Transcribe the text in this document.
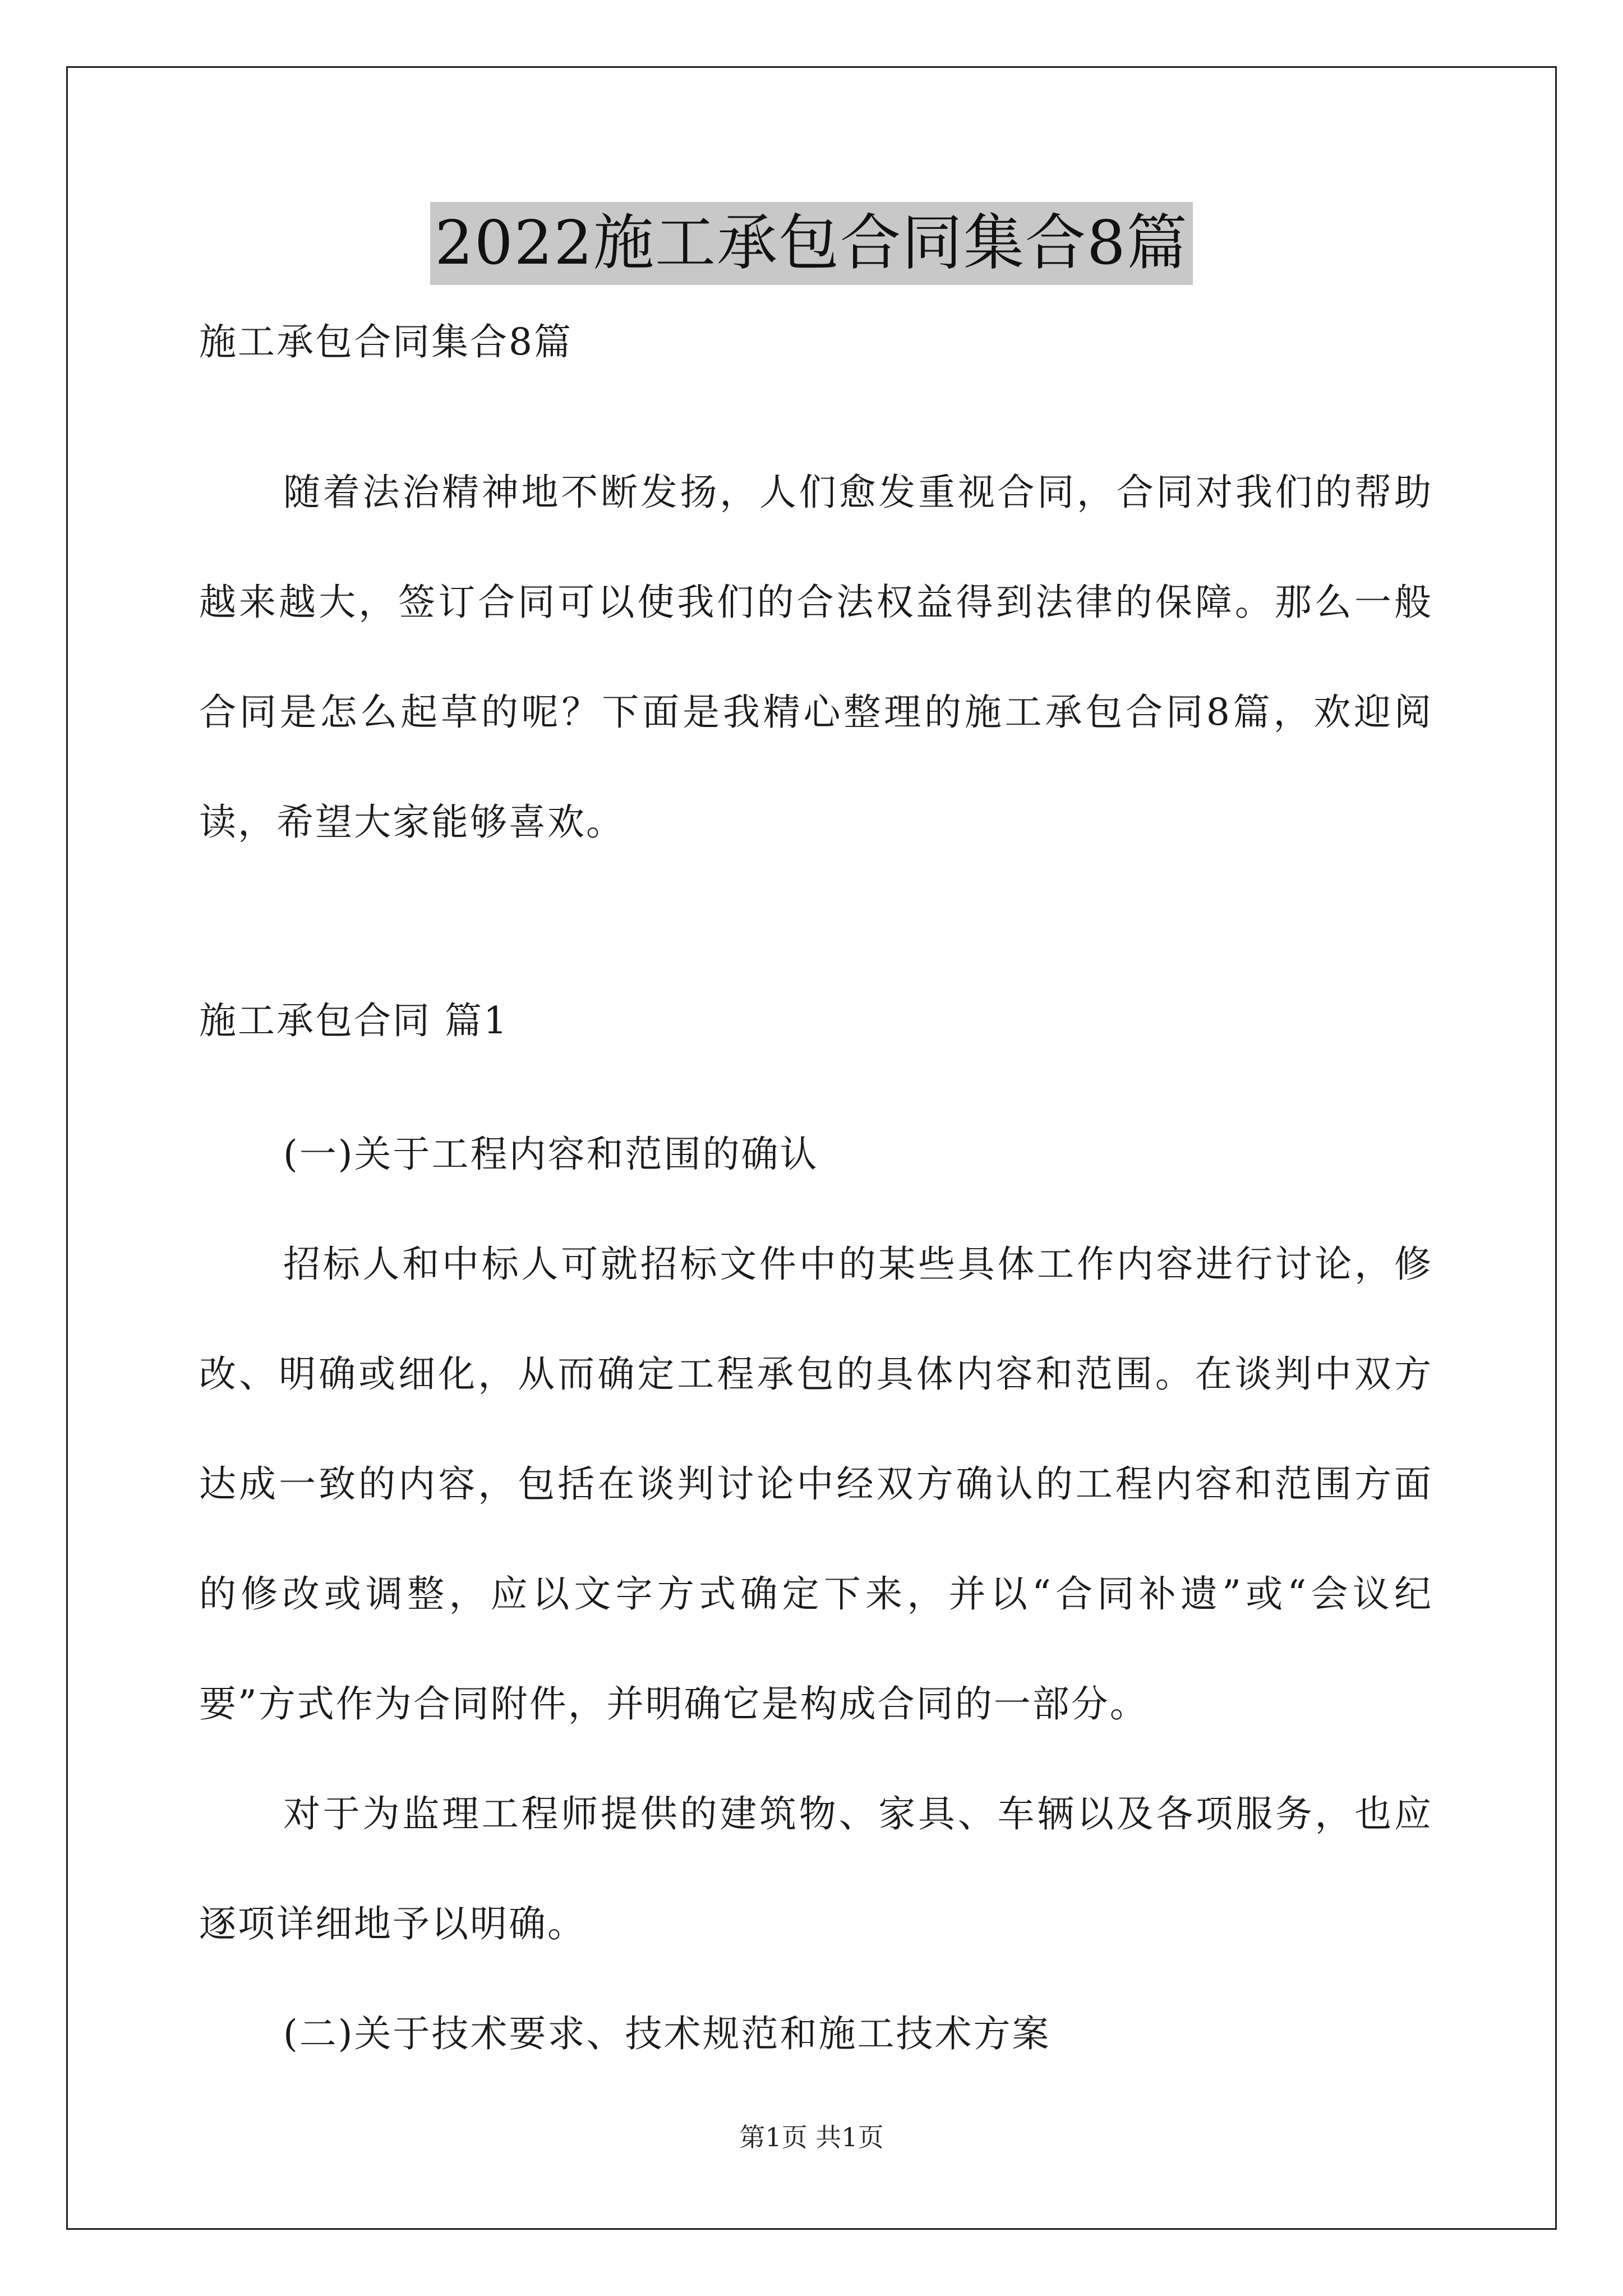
2022施工承包合同集合8篇
施工承包合同集合8篇

随着法治精神地不断发扬，人们愈发重视合同，合同对我们的帮助越来越大，签订合同可以使我们的合法权益得到法律的保障。那么一般合同是怎么起草的呢？下面是我精心整理的施工承包合同8篇，欢迎阅读，希望大家能够喜欢。

施工承包合同 篇1

(一)关于工程内容和范围的确认

招标人和中标人可就招标文件中的某些具体工作内容进行讨论，修改、明确或细化，从而确定工程承包的具体内容和范围。在谈判中双方达成一致的内容，包括在谈判讨论中经双方确认的工程内容和范围方面的修改或调整，应以文字方式确定下来，并以“合同补遗”或“会议纪要”方式作为合同附件，并明确它是构成合同的一部分。

对于为监理工程师提供的建筑物、家具、车辆以及各项服务，也应逐项详细地予以明确。

(二)关于技术要求、技术规范和施工技术方案

第1页 共1页
